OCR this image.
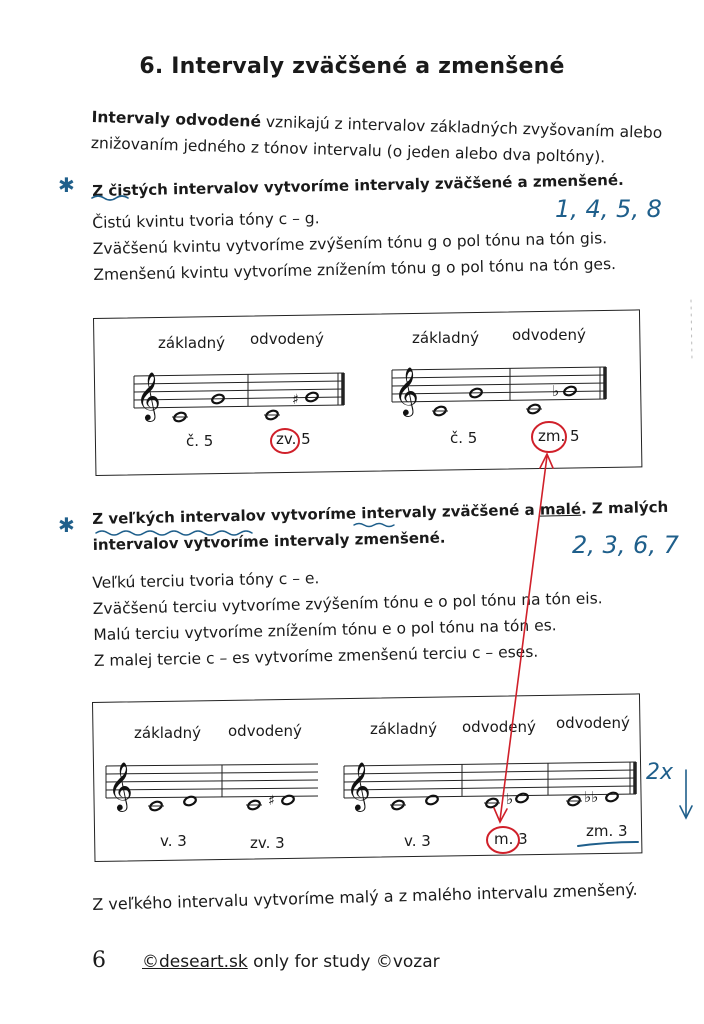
6. Intervaly zväčšené a zmenšené
Intervaly odvodené vznikajú z intervalov základných zvyšovaním alebo
znižovaním jedného z tónov intervalu (o jeden alebo dva poltóny).
✱ Z čistých intervalov vytvoríme intervaly zväčšené a zmenšené.
1, 4, 5, 8
Čistú kvintu tvoria tóny c – g.
Zväčšenú kvintu vytvoríme zvýšením tónu g o pol tónu na tón gis.
Zmenšenú kvintu vytvoríme znížením tónu g o pol tónu na tón ges.
základný odvodený	základný odvodený
č. 5	zv. 5	č. 5	zm. 5
✱ Z veľkých intervalov vytvoríme intervaly zväčšené a malé. Z malých
intervalov vytvoríme intervaly zmenšené.	2, 3, 6, 7
Veľkú terciu tvoria tóny c – e.
Zväčšenú terciu vytvoríme zvýšením tónu e o pol tónu na tón eis.
Malú terciu vytvoríme znížením tónu e o pol tónu na tón es.
Z malej tercie c – es vytvoríme zmenšenú terciu c – eses.
základný odvodený	základný odvodený odvodený
v. 3	zv. 3	v. 3	m. 3	zm. 3
2x
Z veľkého intervalu vytvoríme malý a z malého intervalu zmenšený.
6 ©deseart.sk only for study ©vozar
𝄞	♯ 𝄞	♭
𝄞	♯ 𝄞	♭	♭♭
